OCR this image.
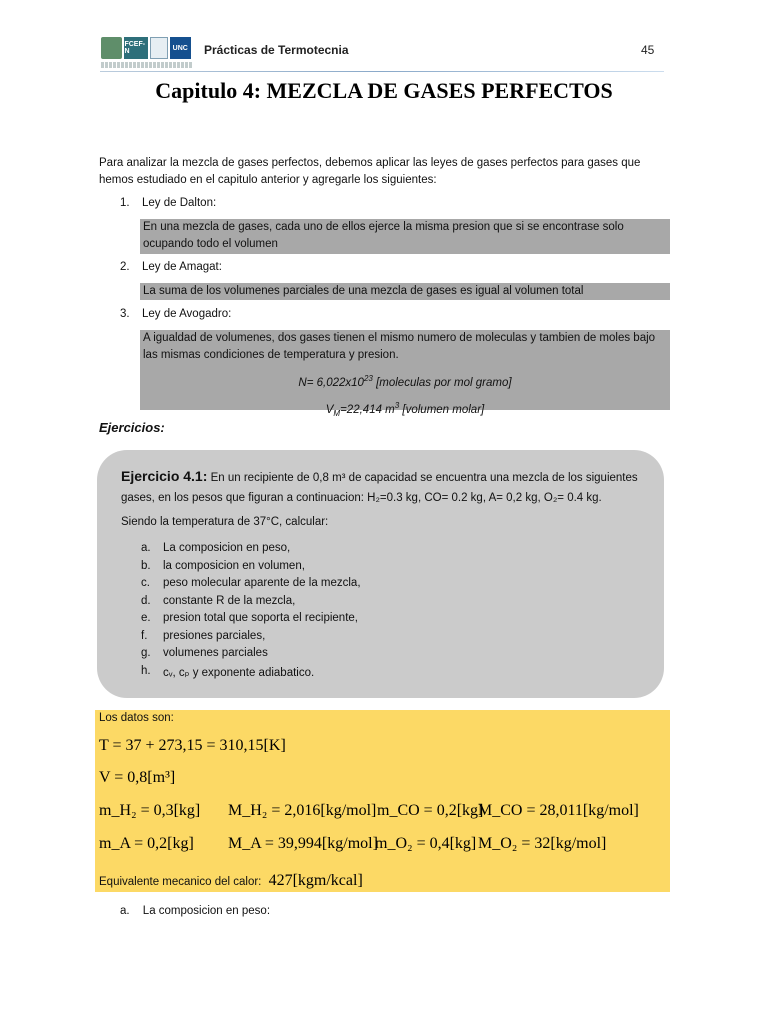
FCEF-N	UNC Prácticas de Termotecnia	45
Capitulo 4: MEZCLA DE GASES PERFECTOS
Para analizar la mezcla de gases perfectos, debemos aplicar las leyes de gases perfectos para gases que hemos estudiado en el capitulo anterior y agregarle los siguientes:
1. Ley de Dalton:
En una mezcla de gases, cada uno de ellos ejerce la misma presion que si se encontrase solo ocupando todo el volumen
2. Ley de Amagat:
La suma de los volumenes parciales de una mezcla de gases es igual al volumen total
3. Ley de Avogadro:
A igualdad de volumenes, dos gases tienen el mismo numero de moleculas y tambien de moles bajo las mismas condiciones de temperatura y presion.
$N= 6,022x10^{23}$ [moleculas por mol gramo]
$V_M=22,414$ $m^3$ [volumen molar]
Ejercicios:
Ejercicio 4.1: En un recipiente de 0,8 m³ de capacidad se encuentra una mezcla de los siguientes gases, en los pesos que figuran a continuacion: H₂=0.3 kg, CO= 0.2 kg, A= 0,2 kg, O₂= 0.4 kg.
Siendo la temperatura de 37°C, calcular:
a. La composicion en peso,
b. la composicion en volumen,
c. peso molecular aparente de la mezcla,
d. constante R de la mezcla,
e. presion total que soporta el recipiente,
f. presiones parciales,
g. volumenes parciales
h. cᵥ, cₚ y exponente adiabatico.
Los datos son:
T = 37 + 273,15 = 310,15[K]
V = 0,8[m³]
m_H₂ = 0,3[kg] M_H₂ = 2,016[kg/mol] m_CO = 0,2[kg]
M_CO = 28,011[kg/mol]
m_A = 0,2[kg] M_A = 39,994[kg/mol]
m_O₂ = 0,4[kg] M_O₂ = 32[kg/mol]
Equivalente mecanico del calor: 427[kgm/kcal]
a. La composicion en peso:
